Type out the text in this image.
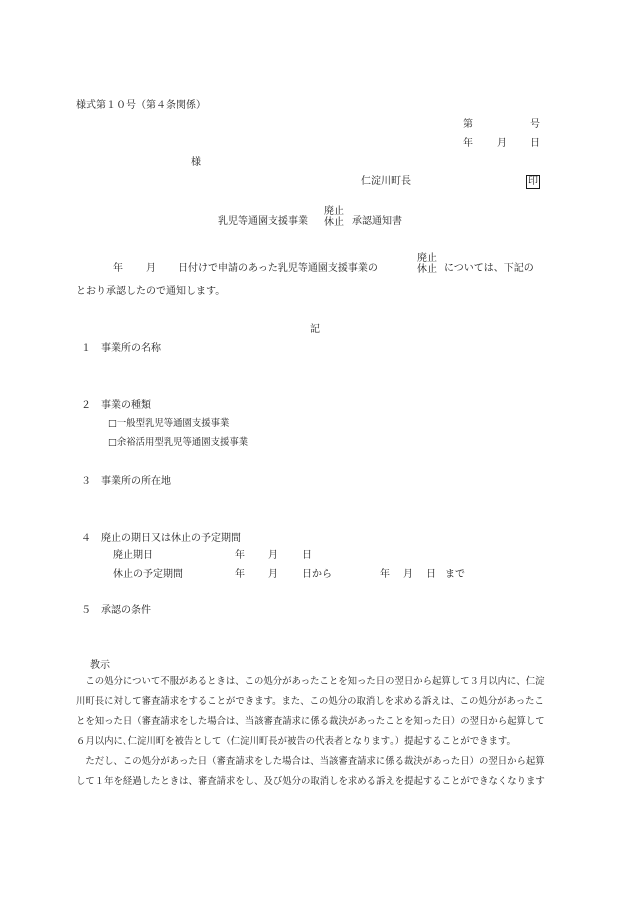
様式第１０号（第４条関係）
第	号
年 月 日
様
仁淀川町長	印
乳児等通園支援事業
廃止
休止 承認通知書
年 月 日付けで申請のあった乳児等通園支援事業の
廃止
休止 については、下記の
とおり承認したので通知します。
記
１ 事業所の名称
２ 事業の種類
□一般型乳児等通園支援事業
□余裕活用型乳児等通園支援事業
３ 事業所の所在地
４ 廃止の期日又は休止の予定期間
廃止期日	年 月 日
休止の予定期間	年 月 日から	年 月 日 まで
５ 承認の条件
教示

この処分について不服があるときは、この処分があったことを知った日の翌日から起算して３月以内に、仁淀川町長に対して審査請求をすることができます。また、この処分の取消しを求める訴えは、この処分があったことを知った日（審査請求をした場合は、当該審査請求に係る裁決があったことを知った日）の翌日から起算して６月以内に､仁淀川町を被告として（仁淀川町長が被告の代表者となります｡）提起することができます。

ただし、この処分があった日（審査請求をした場合は、当該審査請求に係る裁決があった日）の翌日から起算して１年を経過したときは、審査請求をし、及び処分の取消しを求める訴えを提起することができなくなります
